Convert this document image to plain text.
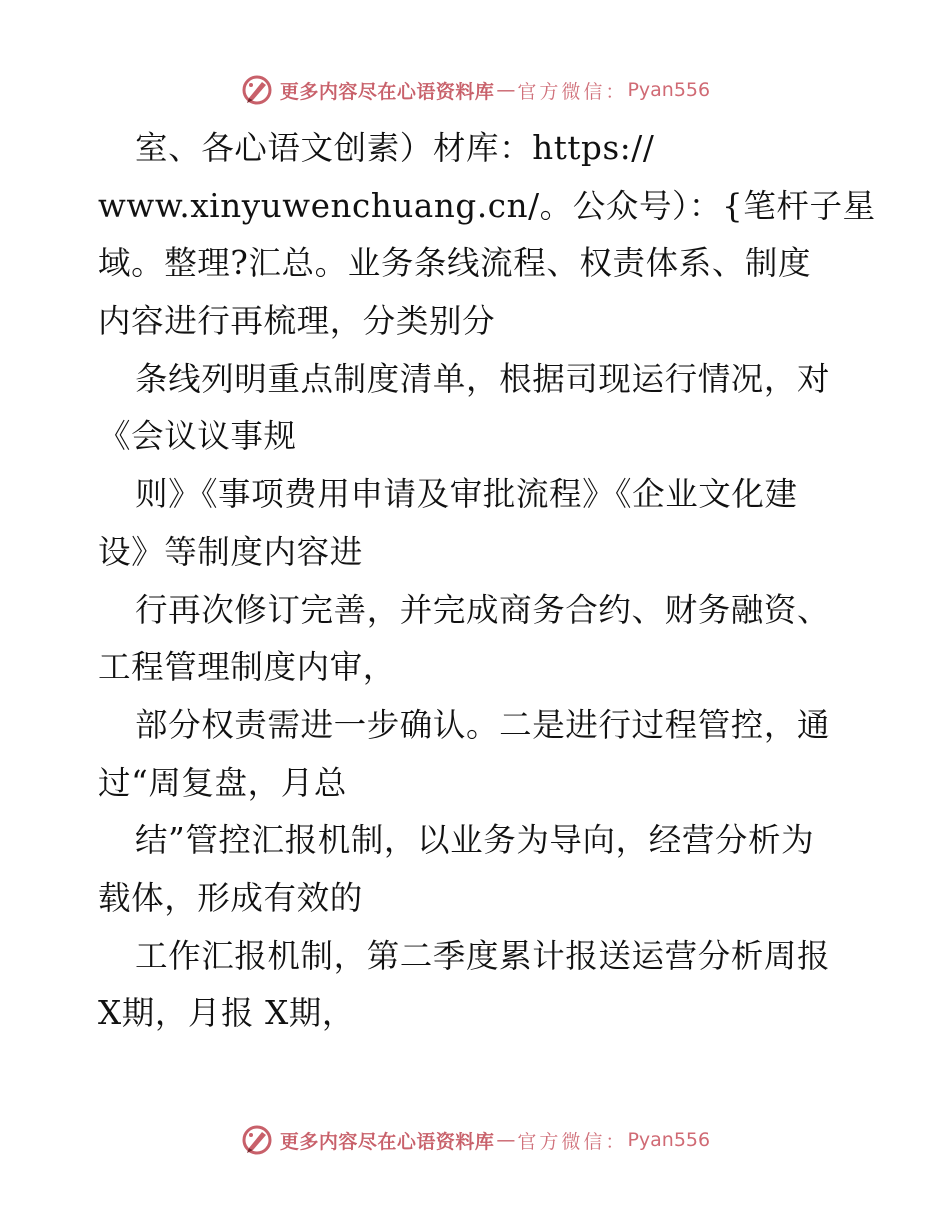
更多内容尽在心语资料库 — 官方微信： Pyan556
室、各心语文创素）材库：https://
www.xinyuwenchuang.cn/。公众号）：{笔杆子星
域。整理?汇总。业务条线流程、权责体系、制度
内容进行再梳理，分类别分
条线列明重点制度清单，根据司现运行情况，对
《会议议事规
则》《事项费用申请及审批流程》《企业文化建
设》等制度内容进
行再次修订完善，并完成商务合约、财务融资、
工程管理制度内审，
部分权责需进一步确认。二是进行过程管控，通
过“周复盘，月总
结”管控汇报机制，以业务为导向，经营分析为
载体，形成有效的
工作汇报机制，第二季度累计报送运营分析周报
X期，月报 X期，
更多内容尽在心语资料库 — 官方微信： Pyan556
